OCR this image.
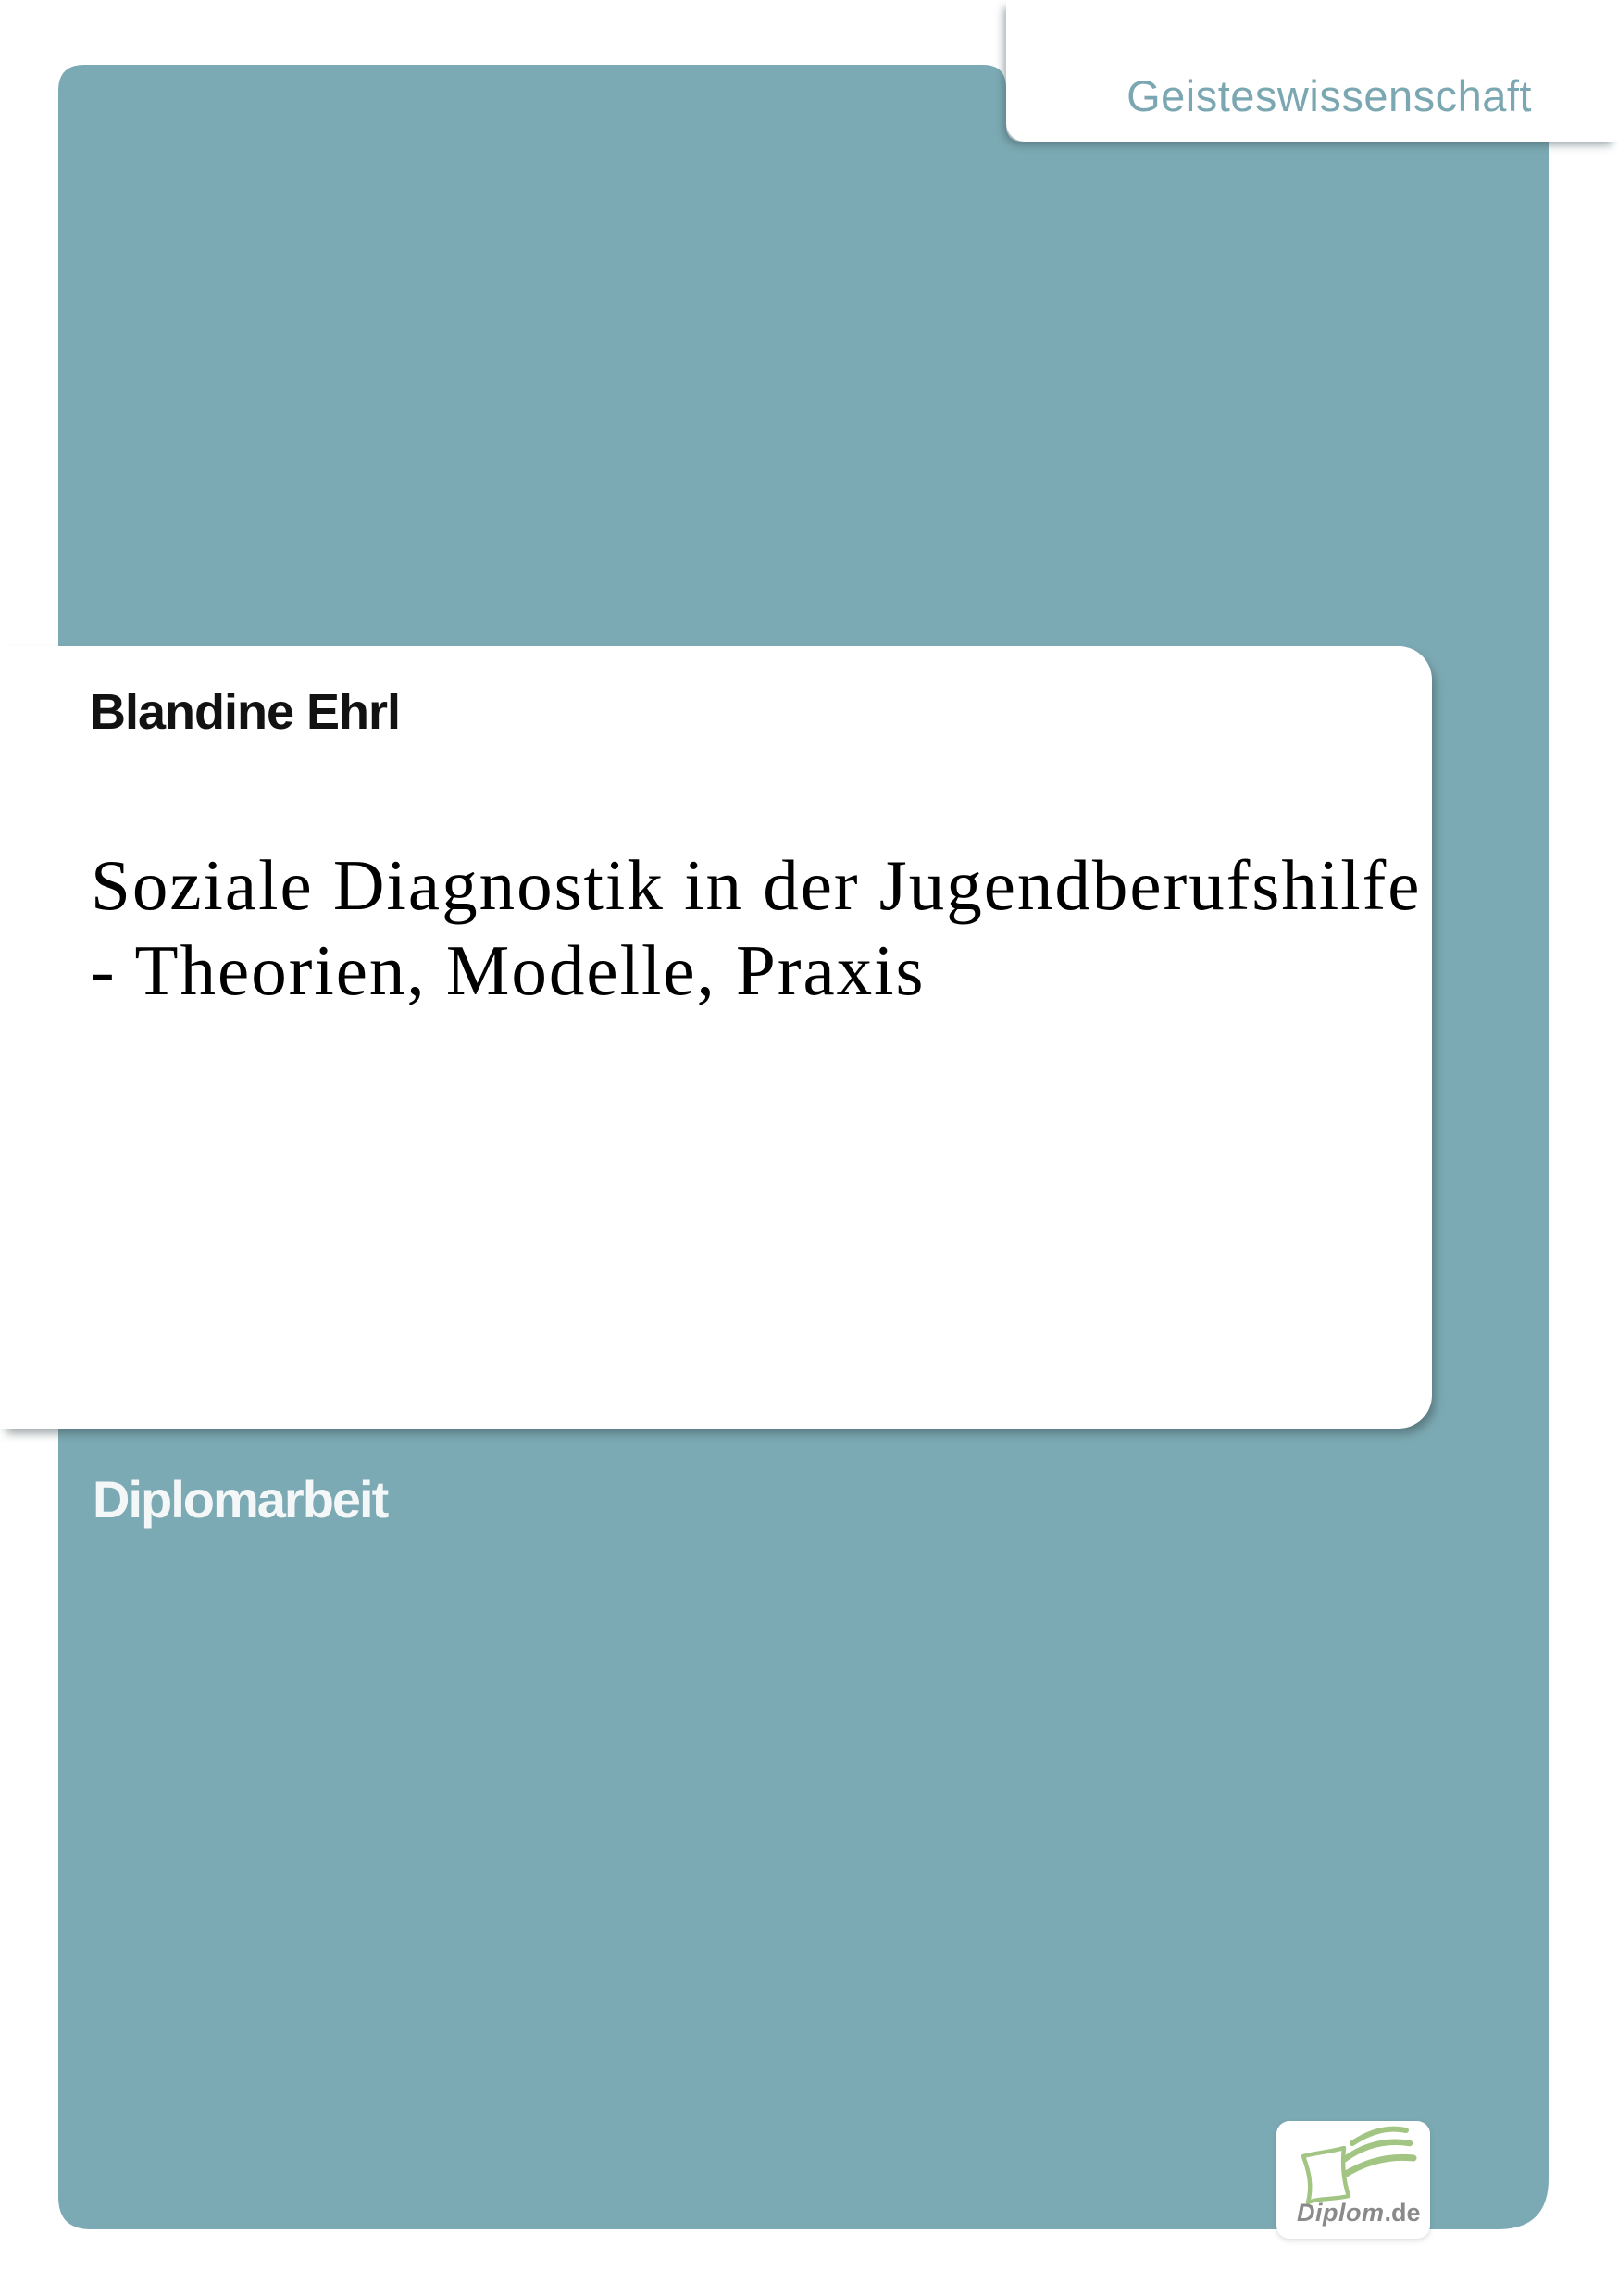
Geisteswissenschaft
Blandine Ehrl
Soziale Diagnostik in der Jugendberufshilfe
- Theorien, Modelle, Praxis
Diplomarbeit
Diplom.de
